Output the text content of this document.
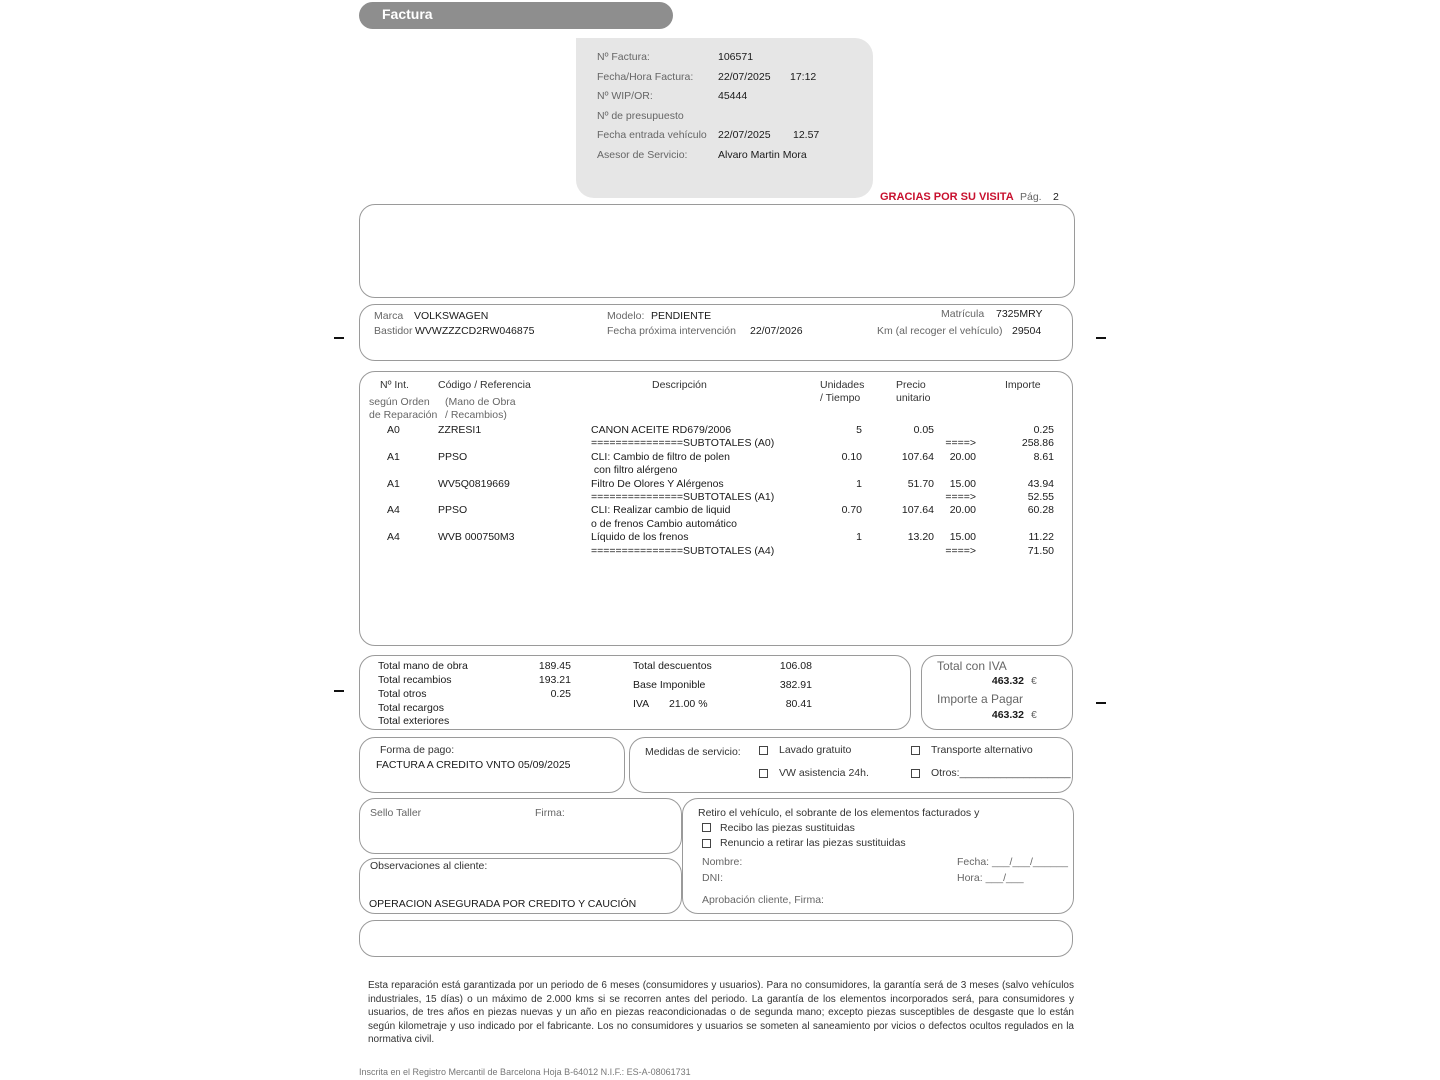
Factura
Nº Factura:	106571
Fecha/Hora Factura: 22/07/2025 17:12
Nº WIP/OR:	45444
Nº de presupuesto
Fecha entrada vehículo 22/07/2025 12.57
Asesor de Servicio:	Alvaro Martin Mora
GRACIAS POR SU VISITA Pág. 2
Marca VOLKSWAGEN
Bastidor WVWZZZCD2RW046875
Modelo: PENDIENTE
Fecha próxima intervención 22/07/2026
Matrícula 7325MRY
Km (al recoger el vehículo) 29504
Nº Int.
según Orden
de Reparación
Código / Referencia
(Mano de Obra
/ Recambios)
Descripción	Unidades
/ Tiempo
Precio
unitario
Importe
A0	ZZRESI1	CANON ACEITE RD679/2006	5	0.05	0.25
===============SUBTOTALES (A0)	====>	258.86
A1	PPSO	CLI: Cambio de filtro de polen	0.10	107.64	20.00	8.61
con filtro alérgeno
A1	WV5Q0819669	Filtro De Olores Y Alérgenos	1	51.70	15.00	43.94
===============SUBTOTALES (A1)	====>	52.55
A4	PPSO	CLI: Realizar cambio de liquid	0.70	107.64	20.00	60.28
o de frenos Cambio automático
A4	WVB 000750M3	Líquido de los frenos	1	13.20	15.00	11.22
===============SUBTOTALES (A4)	====>	71.50
Total mano de obra	189.45
Total recambios	193.21
Total otros	0.25
Total recargos
Total exteriores
Total descuentos	106.08
Base Imponible	382.91
IVA 21.00 %	80.41
Total con IVA
463.32 €
Importe a Pagar
463.32 €
Forma de pago:
FACTURA A CREDITO VNTO 05/09/2025
Medidas de servicio:	Lavado gratuito	Transporte alternativo
VW asistencia 24h.	Otros:___________________
Sello Taller	Firma:
Observaciones al cliente:
OPERACION ASEGURADA POR CREDITO Y CAUCIÓN
Retiro el vehículo, el sobrante de los elementos facturados y
Recibo las piezas sustituidas
Renuncio a retirar las piezas sustituidas
Nombre:
DNI:
Fecha: ___/___/______
Hora: ___/___
Aprobación cliente, Firma:
Esta reparación está garantizada por un periodo de 6 meses (consumidores y usuarios). Para no consumidores, la garantía será de 3 meses (salvo vehículos industriales, 15 días) o un máximo de 2.000 kms si se recorren antes del periodo. La garantía de los elementos incorporados será, para consumidores y usuarios, de tres años en piezas nuevas y un año en piezas reacondicionadas o de segunda mano; excepto piezas susceptibles de desgaste que lo están según kilometraje y uso indicado por el fabricante. Los no consumidores y usuarios se someten al saneamiento por vicios o defectos ocultos regulados en la normativa civil.
Inscrita en el Registro Mercantil de Barcelona Hoja B-64012 N.I.F.: ES-A-08061731
